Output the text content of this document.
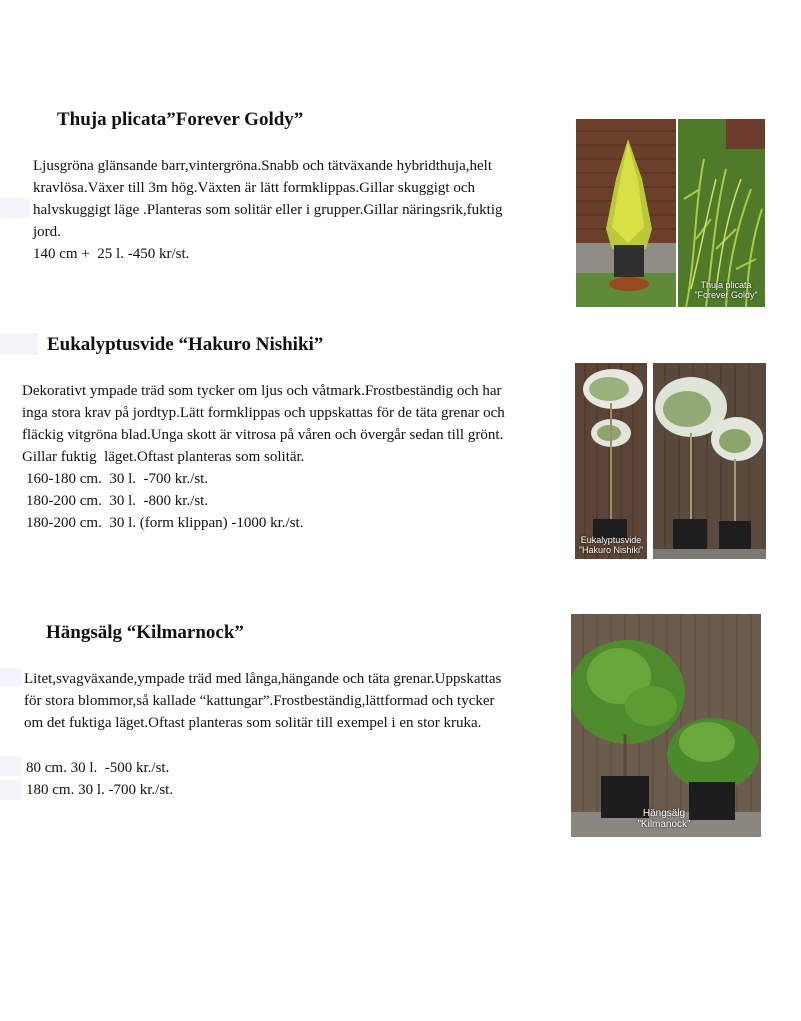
Thuja plicata”Forever Goldy”

Ljusgröna glänsande barr,vintergröna.Snabb och tätväxande hybridthuja,helt

kravlösa.Växer till 3m hög.Växten är lätt formklippas.Gillar skuggigt och

halvskuggigt läge .Planteras som solitär eller i grupper.Gillar näringsrik,fuktig

jord.

140 cm +  25 l. -450 kr/st.
Thuja plicata
”Forever Goldy”
Eukalyptusvide “Hakuro Nishiki”

Dekorativt ympade träd som tycker om ljus och våtmark.Frostbeständig och har

inga stora krav på jordtyp.Lätt formklippas och uppskattas för de täta grenar och

fläckig vitgröna blad.Unga skott är vitrosa på våren och övergår sedan till grönt.

Gillar fuktig  läget.Oftast planteras som solitär.

160-180 cm.  30 l.  -700 kr./st.
180-200 cm.  30 l.  -800 kr./st.
180-200 cm.  30 l. (form klippan) -1000 kr./st.
Eukalyptusvide
”Hakuro Nishiki”
Hängsälg “Kilmarnock”

Litet,svagväxande,ympade träd med långa,hängande och täta grenar.Uppskattas

för stora blommor,så kallade “kattungar”.Frostbeständig,lättformad och tycker

om det fuktiga läget.Oftast planteras som solitär till exempel i en stor kruka.

80 cm. 30 l.  -500 kr./st.
180 cm. 30 l. -700 kr./st.
Hängsälg
”Kilmanock”
